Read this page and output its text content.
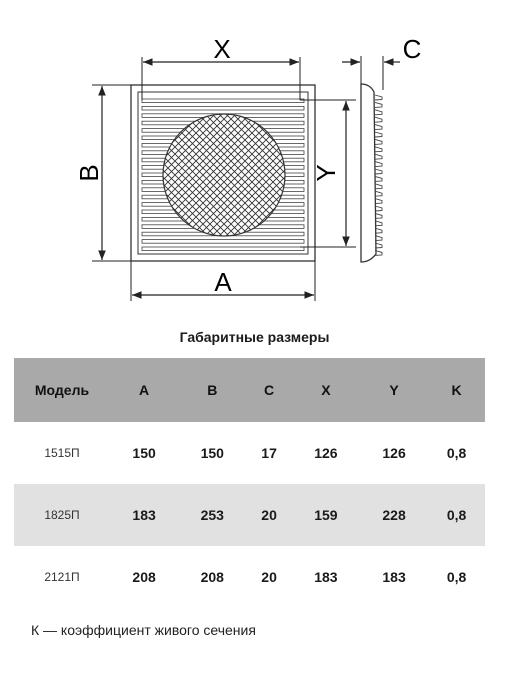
X
B	Y
A
C
Габаритные размеры
Модель	A	B	C	X	Y	K
1515П	150	150	17	126	126	0,8
1825П	183	253	20	159	228	0,8
2121П	208	208	20	183	183	0,8
К — коэффициент живого сечения
